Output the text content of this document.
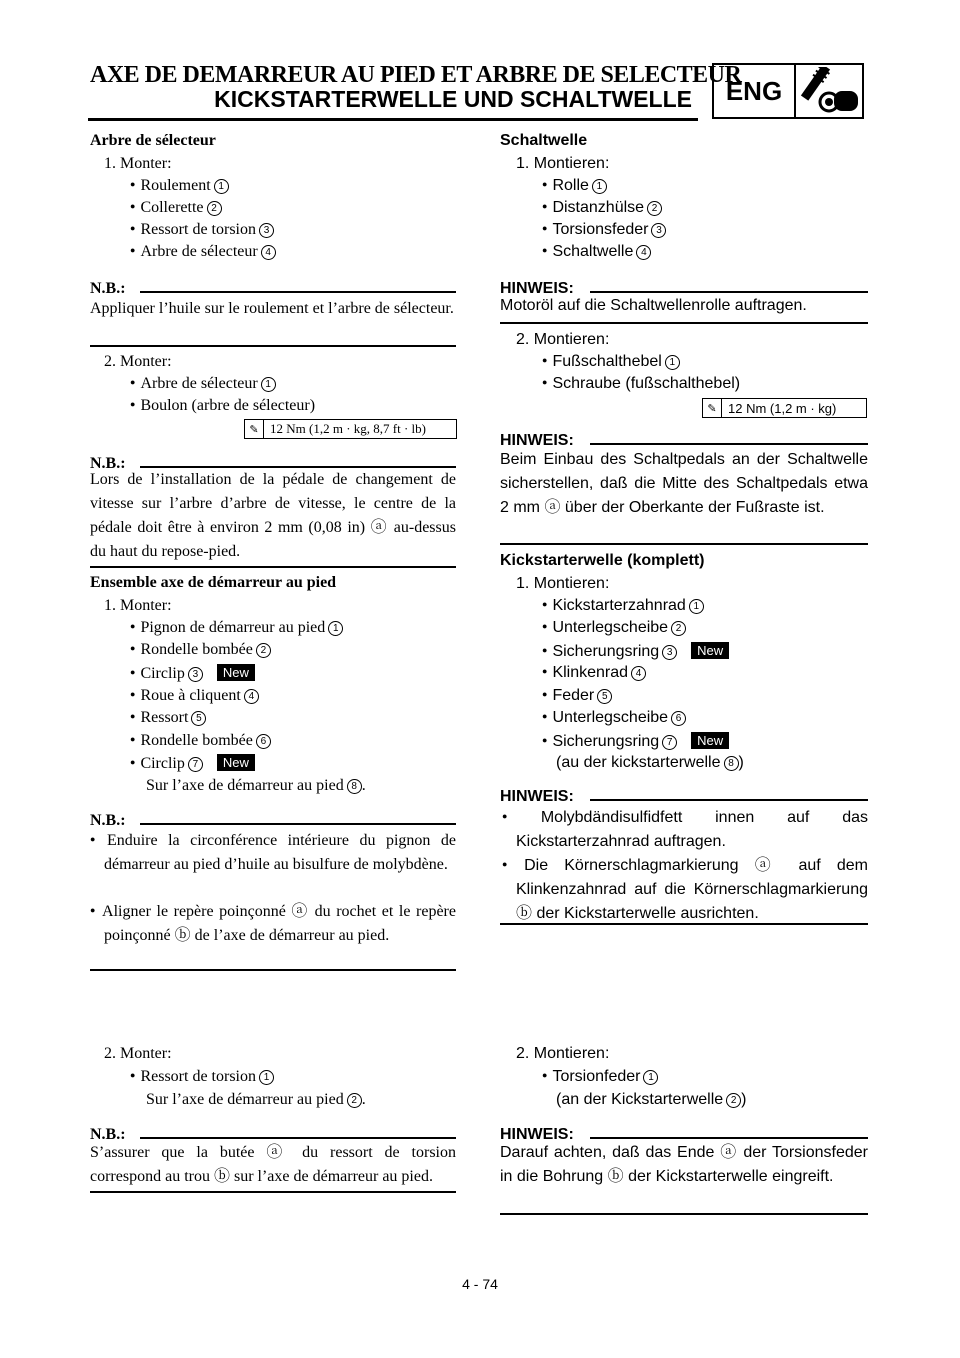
AXE DE DEMARREUR AU PIED ET ARBRE DE SELECTEUR
KICKSTARTERWELLE UND SCHALTWELLE	ENG
Arbre de sélecteur
1. Monter:
● Roulement 1
● Collerette 2
● Ressort de torsion 3
● Arbre de sélecteur 4
N.B.:
Appliquer l’huile sur le roulement et l’arbre de sélecteur.
2. Monter:
● Arbre de sélecteur 1
● Boulon (arbre de sélecteur)
✎ 12 Nm (1,2 m · kg, 8,7 ft · lb)
N.B.:
Lors de l’installation de la pédale de changement de vitesse sur l’arbre d’arbre de vitesse, le centre de la pédale doit être à environ 2 mm (0,08 in) ⓐ au-dessus du haut du repose-pied.
Ensemble axe de démarreur au pied
1. Monter:
● Pignon de démarreur au pied 1
● Rondelle bombée 2
● Circlip 3 New
● Roue à cliquent 4
● Ressort 5
● Rondelle bombée 6
● Circlip 7 New
Sur l’axe de démarreur au pied 8 .
N.B.:
● Enduire la circonférence intérieure du pignon de démarreur au pied d’huile au bisulfure de molybdène.
● Aligner le repère poinçonné ⓐ du rochet et le repère poinçonné ⓑ de l’axe de démarreur au pied.
2. Monter:
● Ressort de torsion 1
Sur l’axe de démarreur au pied 2 .
N.B.:
S’assurer que la butée ⓐ du ressort de torsion correspond au trou ⓑ sur l’axe de démarreur au pied.
Schaltwelle
1. Montieren:
● Rolle 1
● Distanzhülse 2
● Torsionsfeder 3
● Schaltwelle 4
HINWEIS:
Motoröl auf die Schaltwellenrolle auftragen.
2. Montieren:
● Fußschalthebel 1
● Schraube (fußschalthebel)
✎ 12 Nm (1,2 m · kg)
HINWEIS:
Beim Einbau des Schaltpedals an der Schaltwelle sicherstellen, daß die Mitte des Schaltpedals etwa 2 mm ⓐ über der Oberkante der Fußraste ist.
Kickstarterwelle (komplett)
1. Montieren:
● Kickstarterzahnrad 1
● Unterlegscheibe 2
● Sicherungsring 3 New
● Klinkenrad 4
● Feder 5
● Unterlegscheibe 6
● Sicherungsring 7 New
(au der kickstarterwelle 8 )
HINWEIS:
● Molybdändisulfidfett innen auf das Kickstarterzahnrad auftragen.
● Die Körnerschlagmarkierung ⓐ auf dem Klinkenzahnrad auf die Körnerschlagmarkierung ⓑ der Kickstarterwelle ausrichten.
2. Montieren:
● Torsionfeder 1
(an der Kickstarterwelle 2 )
HINWEIS:
Darauf achten, daß das Ende ⓐ der Torsionsfeder in die Bohrung ⓑ der Kickstarterwelle eingreift.
4 - 74
